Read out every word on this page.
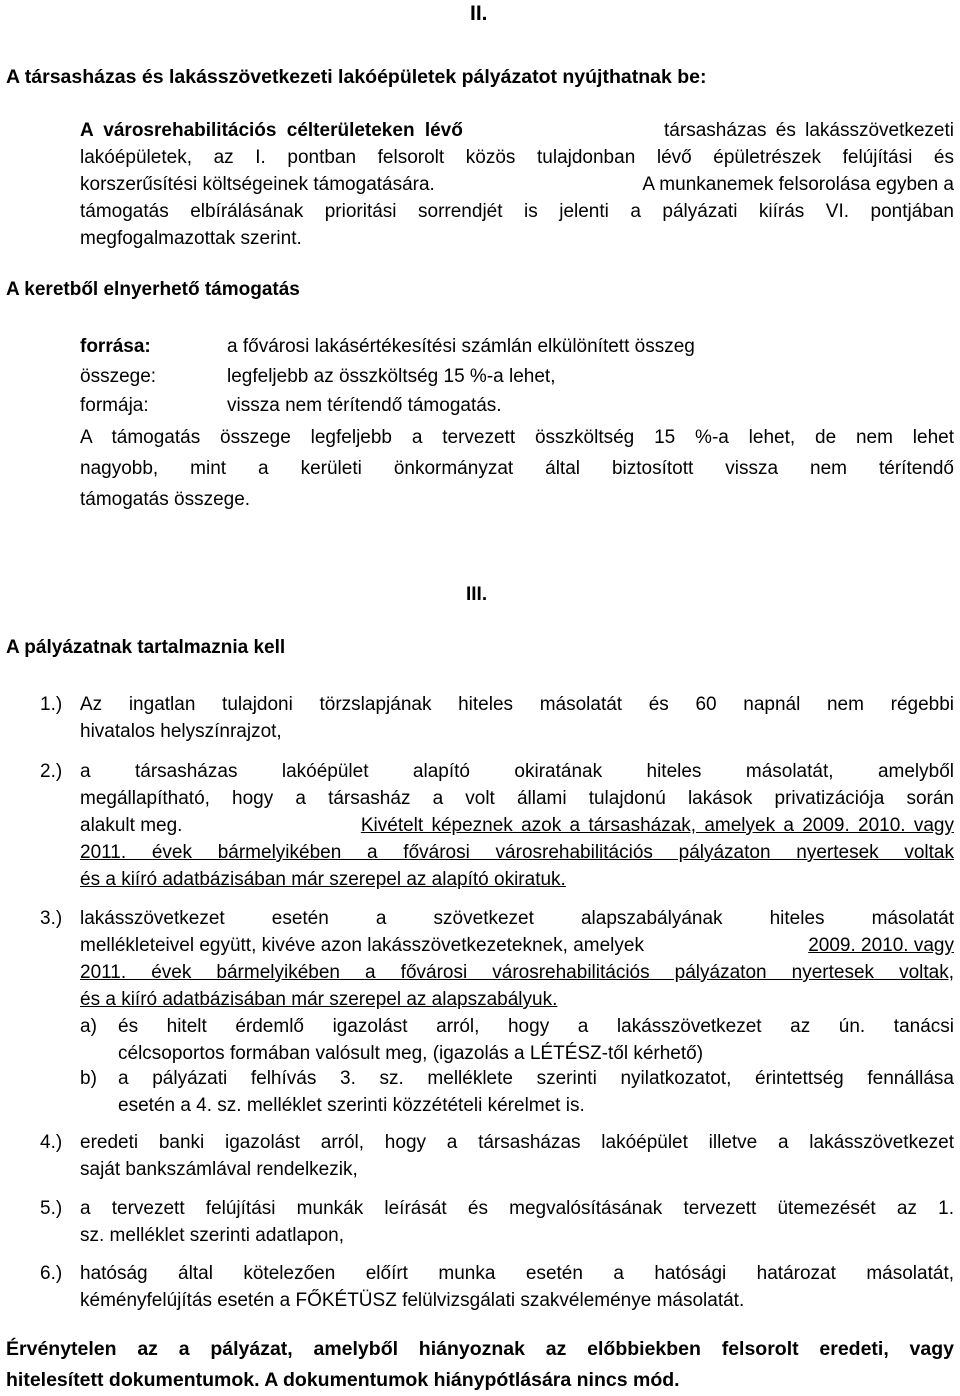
II.
A társasházas és lakásszövetkezeti lakóépületek pályázatot nyújthatnak be:
A városrehabilitációs célterületeken lévő	társasházas és lakásszövetkezeti
lakóépületek, az I. pontban felsorolt közös tulajdonban lévő épületrészek felújítási és
korszerűsítési költségeinek támogatására.	A munkanemek felsorolása egyben a
támogatás elbírálásának prioritási sorrendjét is jelenti a pályázati kiírás VI. pontjában
megfogalmazottak szerint.
A keretből elnyerhető támogatás
forrása:	a fővárosi lakásértékesítési számlán elkülönített összeg
összege:	legfeljebb az összköltség 15 %-a lehet,
formája:	vissza nem térítendő támogatás.
A támogatás összege legfeljebb a tervezett összköltség 15 %-a lehet, de nem lehet
nagyobb, mint a kerületi önkormányzat által biztosított vissza nem térítendő
támogatás összege.
III.
A pályázatnak tartalmaznia kell
1.) Az ingatlan tulajdoni törzslapjának hiteles másolatát és 60 napnál nem régebbi
hivatalos helyszínrajzot,
2.) a társasházas lakóépület alapító okiratának hiteles másolatát, amelyből
megállapítható, hogy a társasház a volt állami tulajdonú lakások privatizációja során
alakult meg.	Kivételt képeznek azok a társasházak, amelyek a 2009. 2010. vagy
2011. évek bármelyikében a fővárosi városrehabilitációs pályázaton nyertesek voltak
és a kiíró adatbázisában már szerepel az alapító okiratuk.
3.) lakásszövetkezet esetén a szövetkezet alapszabályának hiteles másolatát
mellékleteivel együtt, kivéve azon lakásszövetkezeteknek, amelyek	2009. 2010. vagy
2011. évek bármelyikében a fővárosi városrehabilitációs pályázaton nyertesek voltak,
és a kiíró adatbázisában már szerepel az alapszabályuk.
a) és hitelt érdemlő igazolást arról, hogy a lakásszövetkezet az ún. tanácsi
célcsoportos formában valósult meg, (igazolás a LÉTÉSZ-től kérhető)
b) a pályázati felhívás 3. sz. melléklete szerinti nyilatkozatot, érintettség fennállása
esetén a 4. sz. melléklet szerinti közzétételi kérelmet is.
4.) eredeti banki igazolást arról, hogy a társasházas lakóépület illetve a lakásszövetkezet
saját bankszámlával rendelkezik,
5.) a tervezett felújítási munkák leírását és megvalósításának tervezett ütemezését az 1.
sz. melléklet szerinti adatlapon,
6.) hatóság által kötelezően előírt munka esetén a hatósági határozat másolatát,
kéményfelújítás esetén a FŐKÉTÜSZ felülvizsgálati szakvéleménye másolatát.
Érvénytelen az a pályázat, amelyből hiányoznak az előbbiekben felsorolt eredeti, vagy
hitelesített dokumentumok. A dokumentumok hiánypótlására nincs mód.
